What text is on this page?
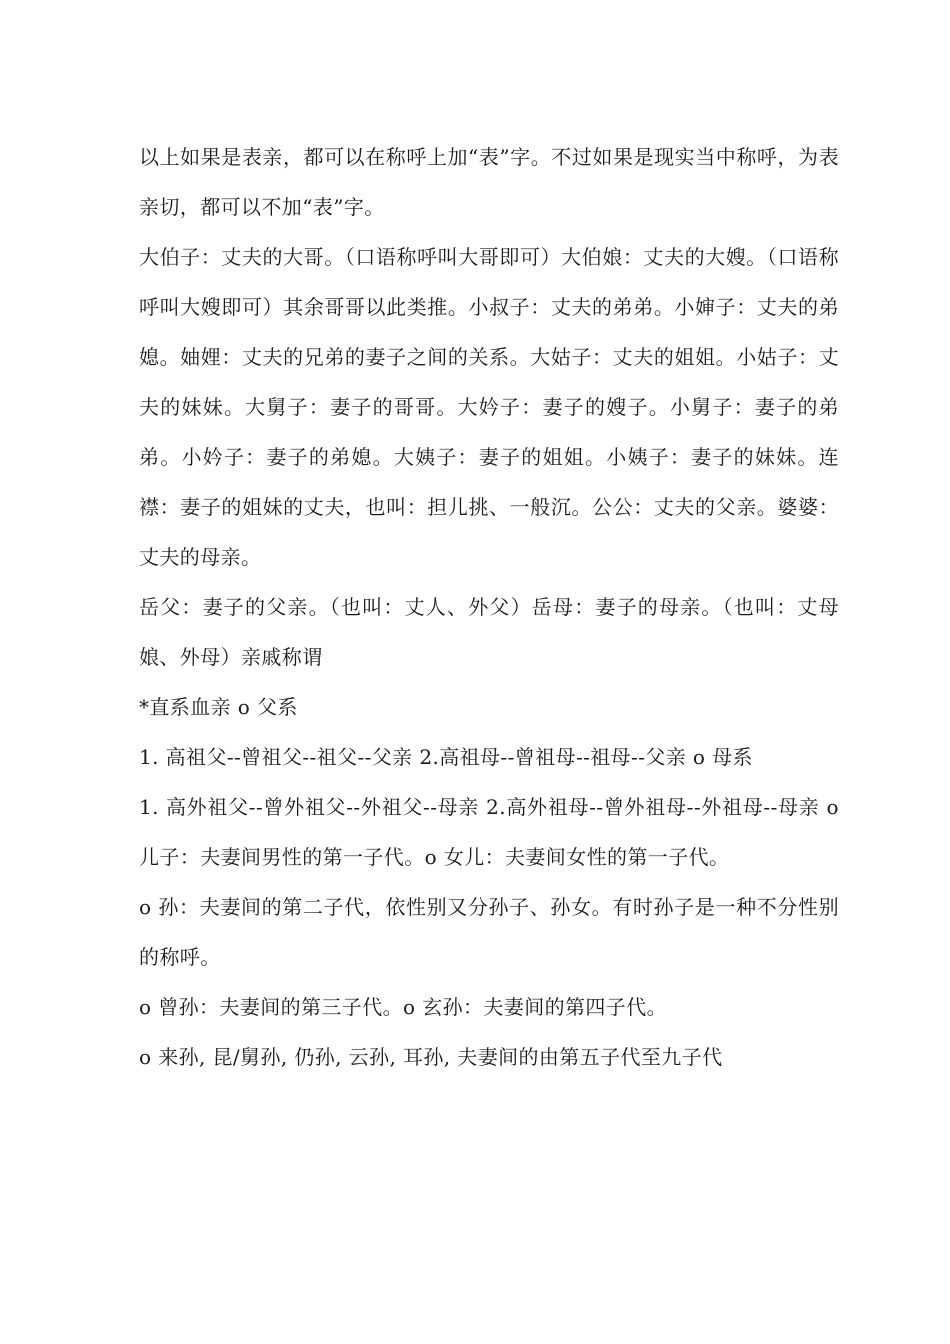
以上如果是表亲，都可以在称呼上加“表”字。不过如果是现实当中称呼，为表亲切，都可以不加“表”字。

大伯子：丈夫的大哥。（口语称呼叫大哥即可）大伯娘：丈夫的大嫂。（口语称呼叫大嫂即可）其余哥哥以此类推。小叔子：丈夫的弟弟。小婶子：丈夫的弟媳。妯娌：丈夫的兄弟的妻子之间的关系。大姑子：丈夫的姐姐。小姑子：丈夫的妹妹。大舅子：妻子的哥哥。大妗子：妻子的嫂子。小舅子：妻子的弟弟。小妗子：妻子的弟媳。大姨子：妻子的姐姐。小姨子：妻子的妹妹。连襟：妻子的姐妹的丈夫，也叫：担儿挑、一般沉。公公：丈夫的父亲。婆婆：丈夫的母亲。

岳父：妻子的父亲。（也叫：丈人、外父）岳母：妻子的母亲。（也叫：丈母娘、外母）亲戚称谓

*直系血亲 o 父系

1. 高祖父--曾祖父--祖父--父亲 2.高祖母--曾祖母--祖母--父亲 o 母系

1. 高外祖父--曾外祖父--外祖父--母亲 2.高外祖母--曾外祖母--外祖母--母亲 o 儿子：夫妻间男性的第一子代。o 女儿：夫妻间女性的第一子代。

o 孙：夫妻间的第二子代，依性别又分孙子、孙女。有时孙子是一种不分性别的称呼。

o 曾孙：夫妻间的第三子代。o 玄孙：夫妻间的第四子代。

o 来孙, 昆/舅孙, 仍孙, 云孙, 耳孙, 夫妻间的由第五子代至九子代
